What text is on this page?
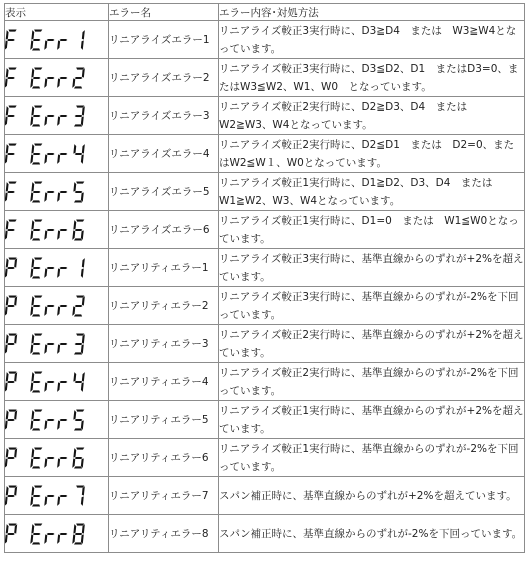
表示	エラー名	エラー内容･対処方法

	リニアライズエラー1	リニアライズ較正3実行時に、D3≧D4　または　W3≧W4となっています。

	リニアライズエラー2	リニアライズ較正3実行時に、D3≦D2、D1　またはD3=0、またはW3≦W2、W1、W0　となっています。

	リニアライズエラー3	リニアライズ較正2実行時に、D2≧D3、D4　または　W2≧W3、W4となっています。

	リニアライズエラー4	リニアライズ較正2実行時に、D2≦D1　または　D2=0、またはW2≦W１、W0となっています。

	リニアライズエラー5	リニアライズ較正1実行時に、D1≧D2、D3、D4　または　W1≧W2、W3、W4となっています。

	リニアライズエラー6	リニアライズ較正1実行時に、D1=0　または　W1≦W0となっています。

	リニアリティエラー1	リニアライズ較正3実行時に、基準直線からのずれが+2%を超えています。

	リニアリティエラー2	リニアライズ較正3実行時に、基準直線からのずれが-2%を下回っています。

	リニアリティエラー3	リニアライズ較正2実行時に、基準直線からのずれが+2%を超えています。

	リニアリティエラー4	リニアライズ較正2実行時に、基準直線からのずれが-2%を下回っています。

	リニアリティエラー5	リニアライズ較正1実行時に、基準直線からのずれが+2%を超えています。

	リニアリティエラー6	リニアライズ較正1実行時に、基準直線からのずれが-2%を下回っています。

	リニアリティエラー7	スパン補正時に、基準直線からのずれが+2%を超えています。

	リニアリティエラー8	スパン補正時に、基準直線からのずれが-2%を下回っています。
